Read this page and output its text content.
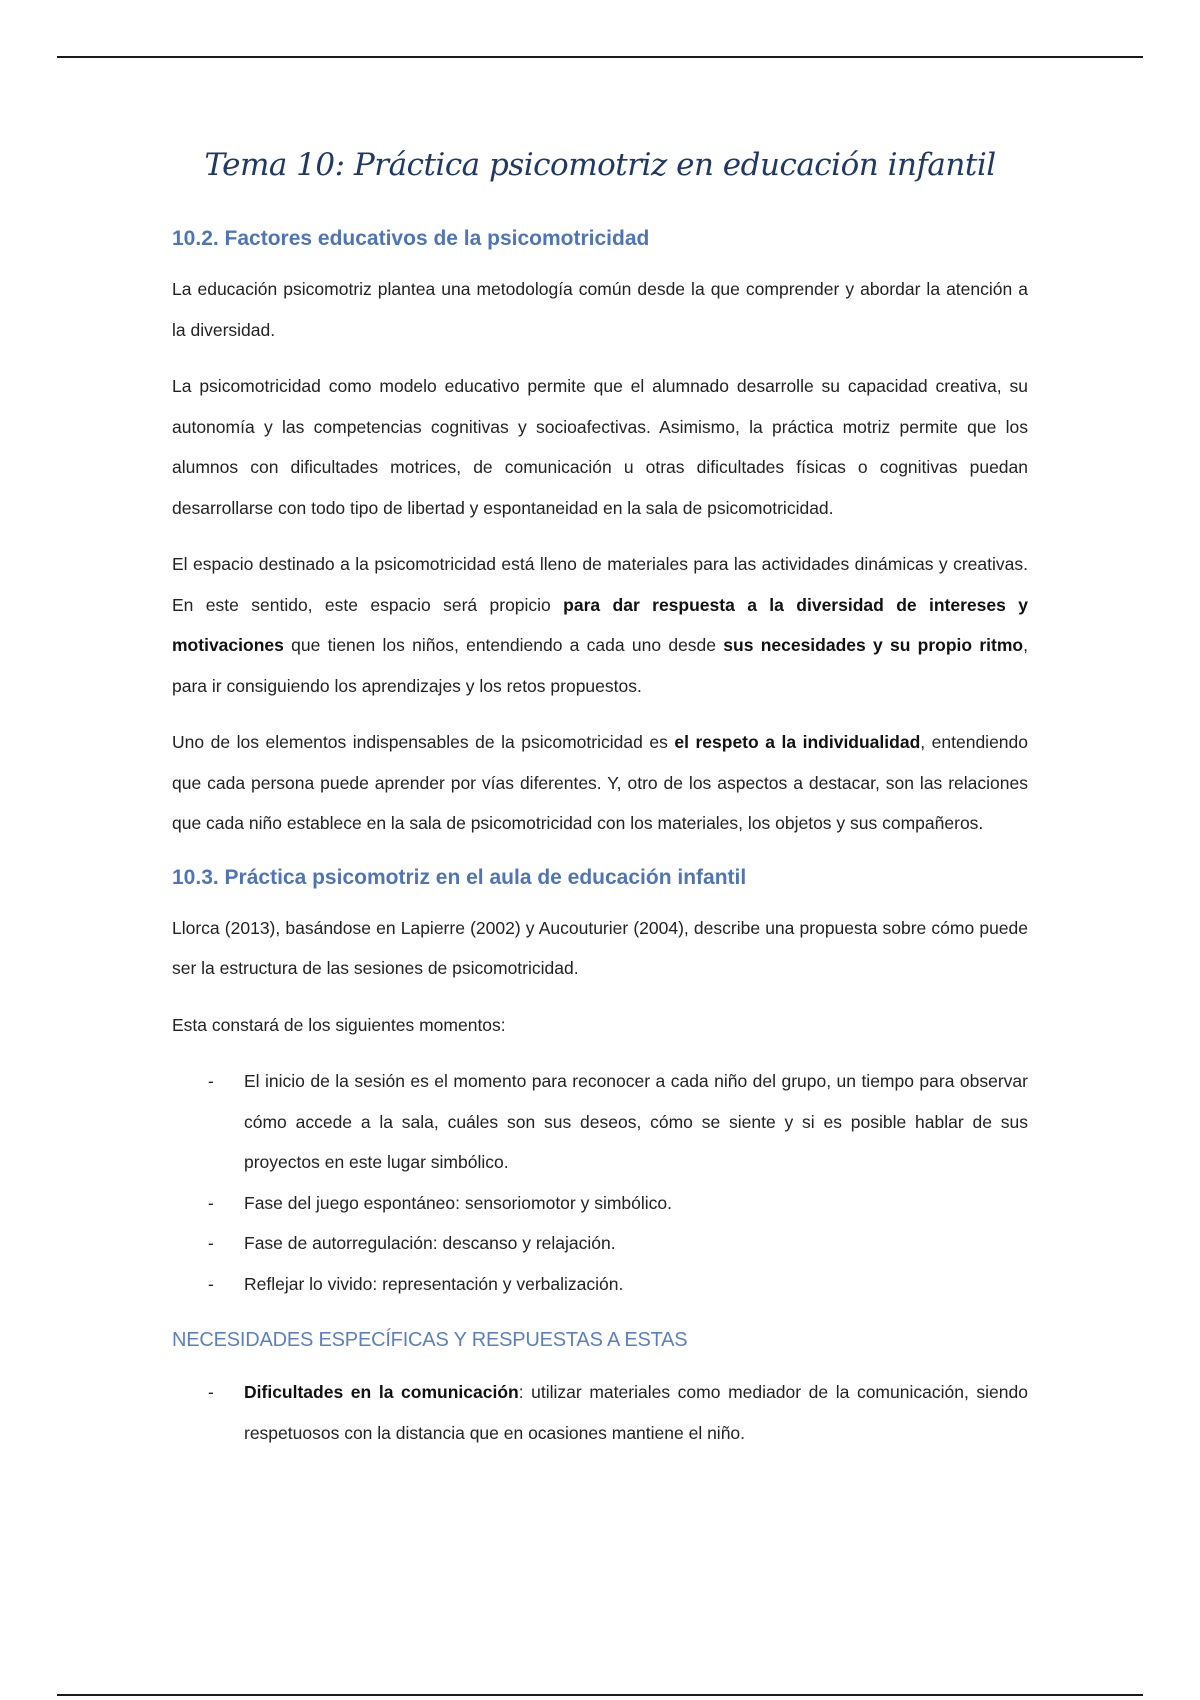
Tema 10: Práctica psicomotriz en educación infantil
10.2. Factores educativos de la psicomotricidad

La educación psicomotriz plantea una metodología común desde la que comprender y abordar la atención a la diversidad.

La psicomotricidad como modelo educativo permite que el alumnado desarrolle su capacidad creativa, su autonomía y las competencias cognitivas y socioafectivas. Asimismo, la práctica motriz permite que los alumnos con dificultades motrices, de comunicación u otras dificultades físicas o cognitivas puedan desarrollarse con todo tipo de libertad y espontaneidad en la sala de psicomotricidad.

El espacio destinado a la psicomotricidad está lleno de materiales para las actividades dinámicas y creativas. En este sentido, este espacio será propicio para dar respuesta a la diversidad de intereses y motivaciones que tienen los niños, entendiendo a cada uno desde sus necesidades y su propio ritmo, para ir consiguiendo los aprendizajes y los retos propuestos.

Uno de los elementos indispensables de la psicomotricidad es el respeto a la individualidad, entendiendo que cada persona puede aprender por vías diferentes. Y, otro de los aspectos a destacar, son las relaciones que cada niño establece en la sala de psicomotricidad con los materiales, los objetos y sus compañeros.

10.3. Práctica psicomotriz en el aula de educación infantil

Llorca (2013), basándose en Lapierre (2002) y Aucouturier (2004), describe una propuesta sobre cómo puede ser la estructura de las sesiones de psicomotricidad.

Esta constará de los siguientes momentos:

- El inicio de la sesión es el momento para reconocer a cada niño del grupo, un tiempo para observar cómo accede a la sala, cuáles son sus deseos, cómo se siente y si es posible hablar de sus proyectos en este lugar simbólico.
- Fase del juego espontáneo: sensoriomotor y simbólico.
- Fase de autorregulación: descanso y relajación.
- Reflejar lo vivido: representación y verbalización.
NECESIDADES ESPECÍFICAS Y RESPUESTAS A ESTAS
- Dificultades en la comunicación: utilizar materiales como mediador de la comunicación, siendo respetuosos con la distancia que en ocasiones mantiene el niño.
